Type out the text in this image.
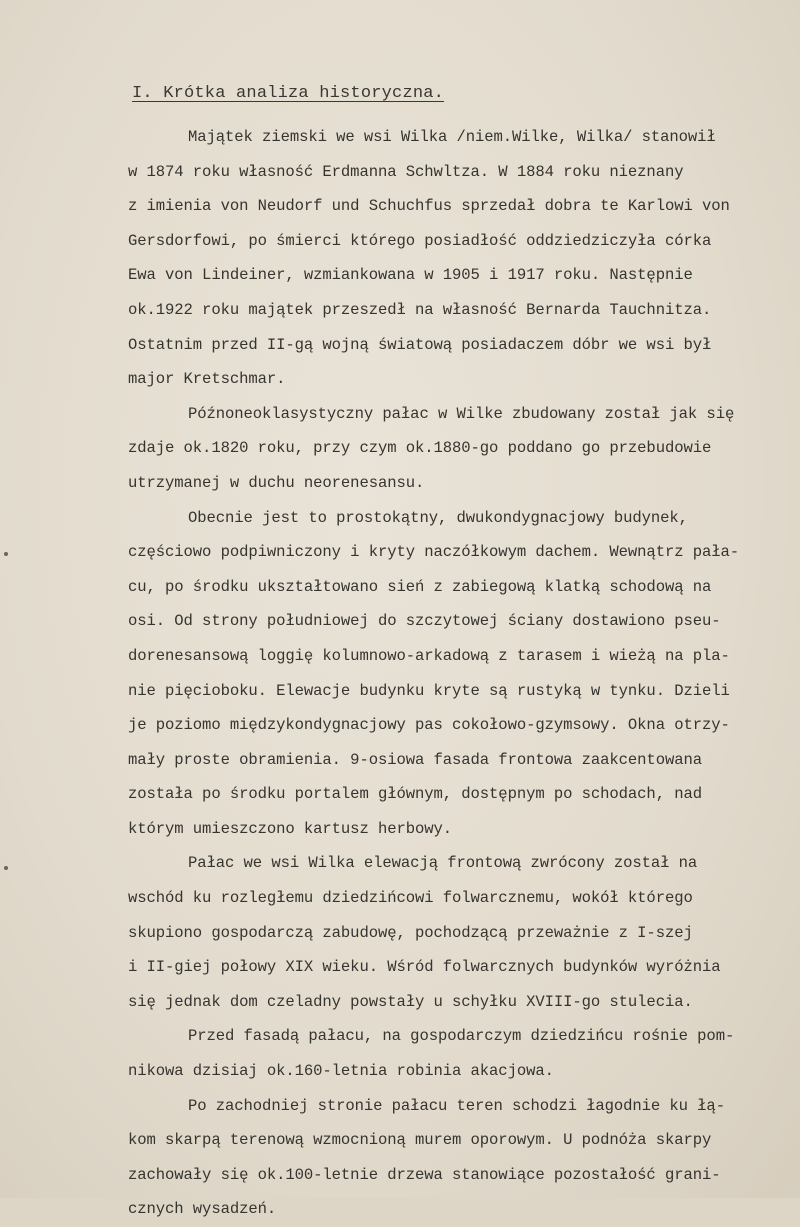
I. Krótka analiza historyczna.
Majątek ziemski we wsi Wilka /niem.Wilke, Wilka/ stanowił
w 1874 roku własność Erdmanna Schwltza. W 1884 roku nieznany
z imienia von Neudorf und Schuchfus sprzedał dobra te Karlowi von
Gersdorfowi, po śmierci którego posiadłość oddziedziczyła córka
Ewa von Lindeiner, wzmiankowana w 1905 i 1917 roku. Następnie
ok.1922 roku majątek przeszedł na własność Bernarda Tauchnitza.
Ostatnim przed II-gą wojną światową posiadaczem dóbr we wsi był
major Kretschmar.
Późnoneoklasystyczny pałac w Wilke zbudowany został jak się
zdaje ok.1820 roku, przy czym ok.1880-go poddano go przebudowie
utrzymanej w duchu neorenesansu.
Obecnie jest to prostokątny, dwukondygnacjowy budynek,
częściowo podpiwniczony i kryty naczółkowym dachem. Wewnątrz pała-
cu, po środku ukształtowano sień z zabiegową klatką schodową na
osi. Od strony południowej do szczytowej ściany dostawiono pseu-
dorenesansową loggię kolumnowo-arkadową z tarasem i wieżą na pla-
nie pięcioboku. Elewacje budynku kryte są rustyką w tynku. Dzieli
je poziomo międzykondygnacjowy pas cokołowo-gzymsowy. Okna otrzy-
mały proste obramienia. 9-osiowa fasada frontowa zaakcentowana
została po środku portalem głównym, dostępnym po schodach, nad
którym umieszczono kartusz herbowy.
Pałac we wsi Wilka elewacją frontową zwrócony został na
wschód ku rozległemu dziedzińcowi folwarcznemu, wokół którego
skupiono gospodarczą zabudowę, pochodzącą przeważnie z I-szej
i II-giej połowy XIX wieku. Wśród folwarcznych budynków wyróżnia
się jednak dom czeladny powstały u schyłku XVIII-go stulecia.
Przed fasadą pałacu, na gospodarczym dziedzińcu rośnie pom-
nikowa dzisiaj ok.160-letnia robinia akacjowa.
Po zachodniej stronie pałacu teren schodzi łagodnie ku łą-
kom skarpą terenową wzmocnioną murem oporowym. U podnóża skarpy
zachowały się ok.100-letnie drzewa stanowiące pozostałość grani-
cznych wysadzeń.
